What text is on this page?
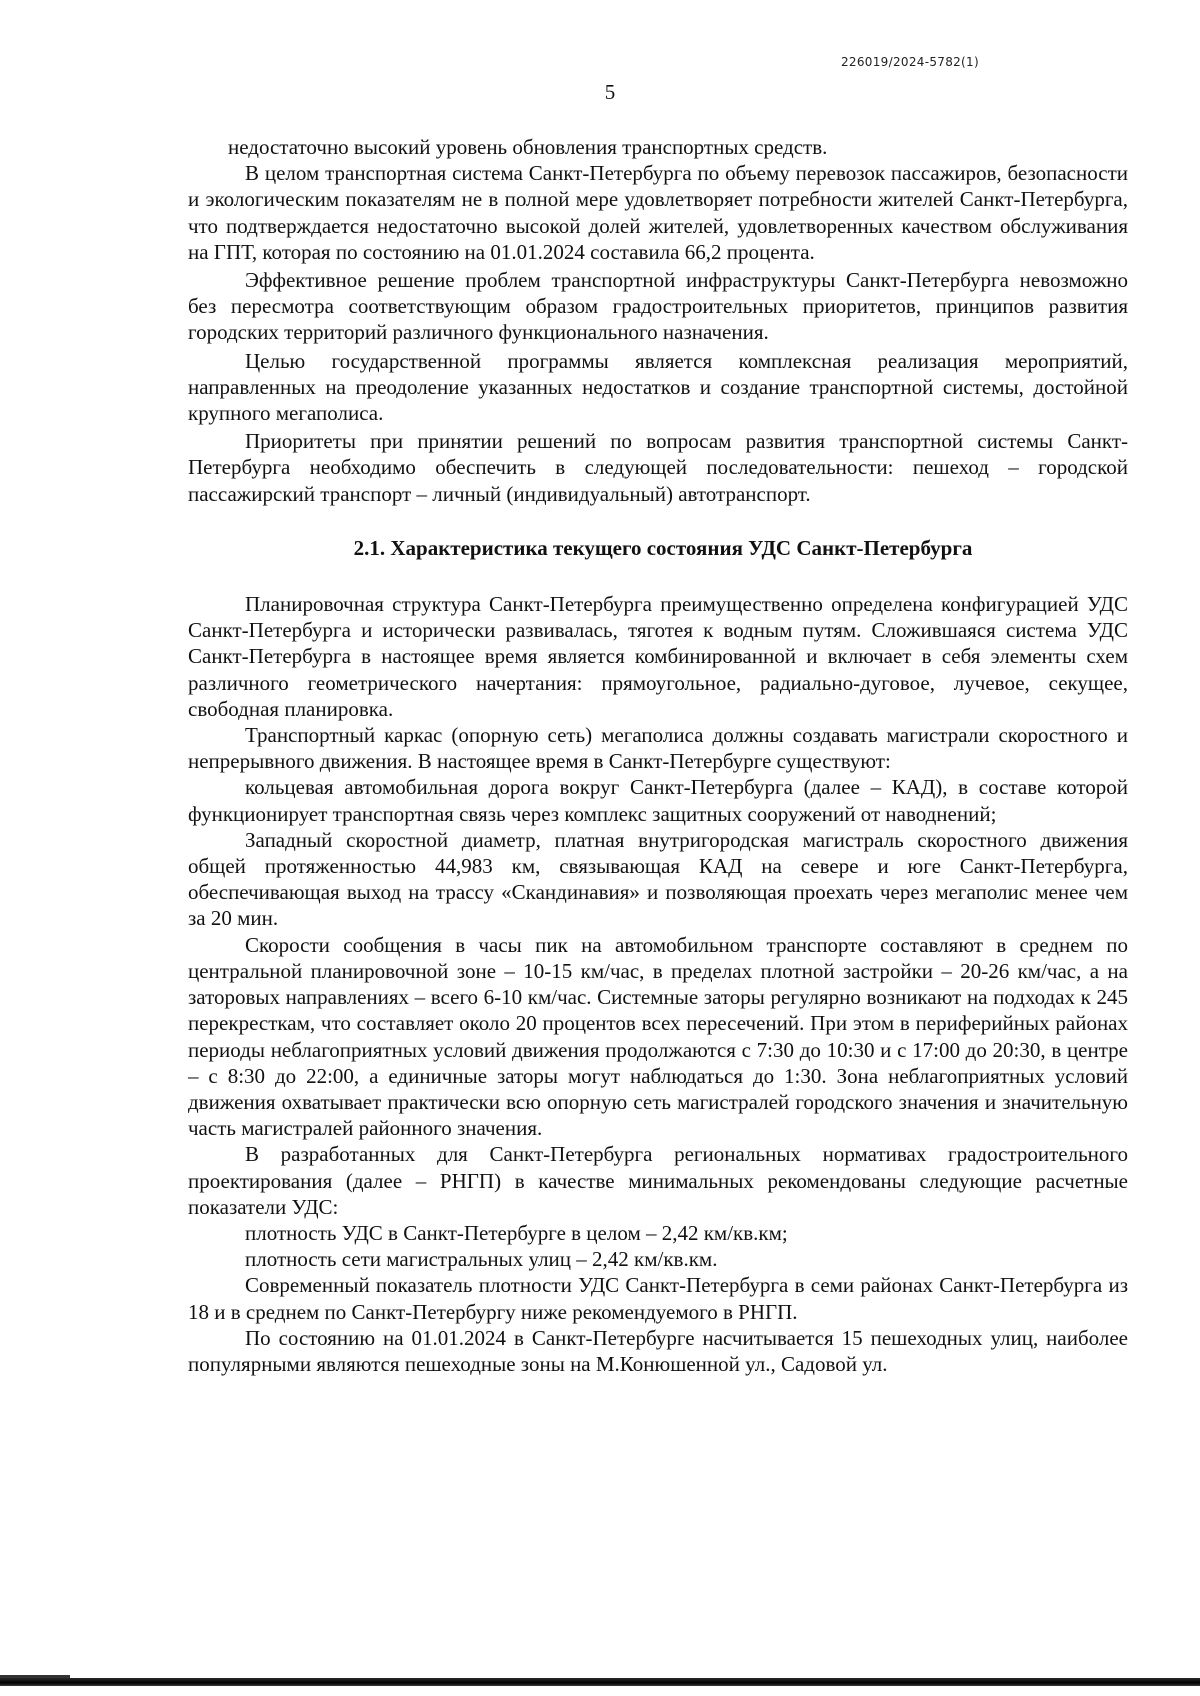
226019/2024-5782(1)
5

недостаточно высокий уровень обновления транспортных средств.

В целом транспортная система Санкт-Петербурга по объему перевозок пассажиров, безопасности и экологическим показателям не в полной мере удовлетворяет потребности жителей Санкт-Петербурга, что подтверждается недостаточно высокой долей жителей, удовлетворенных качеством обслуживания на ГПТ, которая по состоянию на 01.01.2024 составила 66,2 процента.

Эффективное решение проблем транспортной инфраструктуры Санкт-Петербурга невозможно без пересмотра соответствующим образом градостроительных приоритетов, принципов развития городских территорий различного функционального назначения.

Целью государственной программы является комплексная реализация мероприятий, направленных на преодоление указанных недостатков и создание транспортной системы, достойной крупного мегаполиса.

Приоритеты при принятии решений по вопросам развития транспортной системы Санкт-Петербурга необходимо обеспечить в следующей последовательности: пешеход – городской пассажирский транспорт – личный (индивидуальный) автотранспорт.

2.1. Характеристика текущего состояния УДС Санкт-Петербурга

Планировочная структура Санкт-Петербурга преимущественно определена конфигурацией УДС Санкт-Петербурга и исторически развивалась, тяготея к водным путям. Сложившаяся система УДС Санкт-Петербурга в настоящее время является комбинированной и включает в себя элементы схем различного геометрического начертания: прямоугольное, радиально-дуговое, лучевое, секущее, свободная планировка.

Транспортный каркас (опорную сеть) мегаполиса должны создавать магистрали скоростного и непрерывного движения. В настоящее время в Санкт-Петербурге существуют:

кольцевая автомобильная дорога вокруг Санкт-Петербурга (далее – КАД), в составе которой функционирует транспортная связь через комплекс защитных сооружений от наводнений;

Западный скоростной диаметр, платная внутригородская магистраль скоростного движения общей протяженностью 44,983 км, связывающая КАД на севере и юге Санкт-Петербурга, обеспечивающая выход на трассу «Скандинавия» и позволяющая проехать через мегаполис менее чем за 20 мин.

Скорости сообщения в часы пик на автомобильном транспорте составляют в среднем по центральной планировочной зоне – 10-15 км/час, в пределах плотной застройки – 20-26 км/час, а на заторовых направлениях – всего 6-10 км/час. Системные заторы регулярно возникают на подходах к 245 перекресткам, что составляет около 20 процентов всех пересечений. При этом в периферийных районах периоды неблагоприятных условий движения продолжаются с 7:30 до 10:30 и с 17:00 до 20:30, в центре – с 8:30 до 22:00, а единичные заторы могут наблюдаться до 1:30. Зона неблагоприятных условий движения охватывает практически всю опорную сеть магистралей городского значения и значительную часть магистралей районного значения.

В разработанных для Санкт-Петербурга региональных нормативах градостроительного проектирования (далее – РНГП) в качестве минимальных рекомендованы следующие расчетные показатели УДС:

плотность УДС в Санкт-Петербурге в целом – 2,42 км/кв.км;

плотность сети магистральных улиц – 2,42 км/кв.км.

Современный показатель плотности УДС Санкт-Петербурга в семи районах Санкт-Петербурга из 18 и в среднем по Санкт-Петербургу ниже рекомендуемого в РНГП.

По состоянию на 01.01.2024 в Санкт-Петербурге насчитывается 15 пешеходных улиц, наиболее популярными являются пешеходные зоны на М.Конюшенной ул., Садовой ул.
